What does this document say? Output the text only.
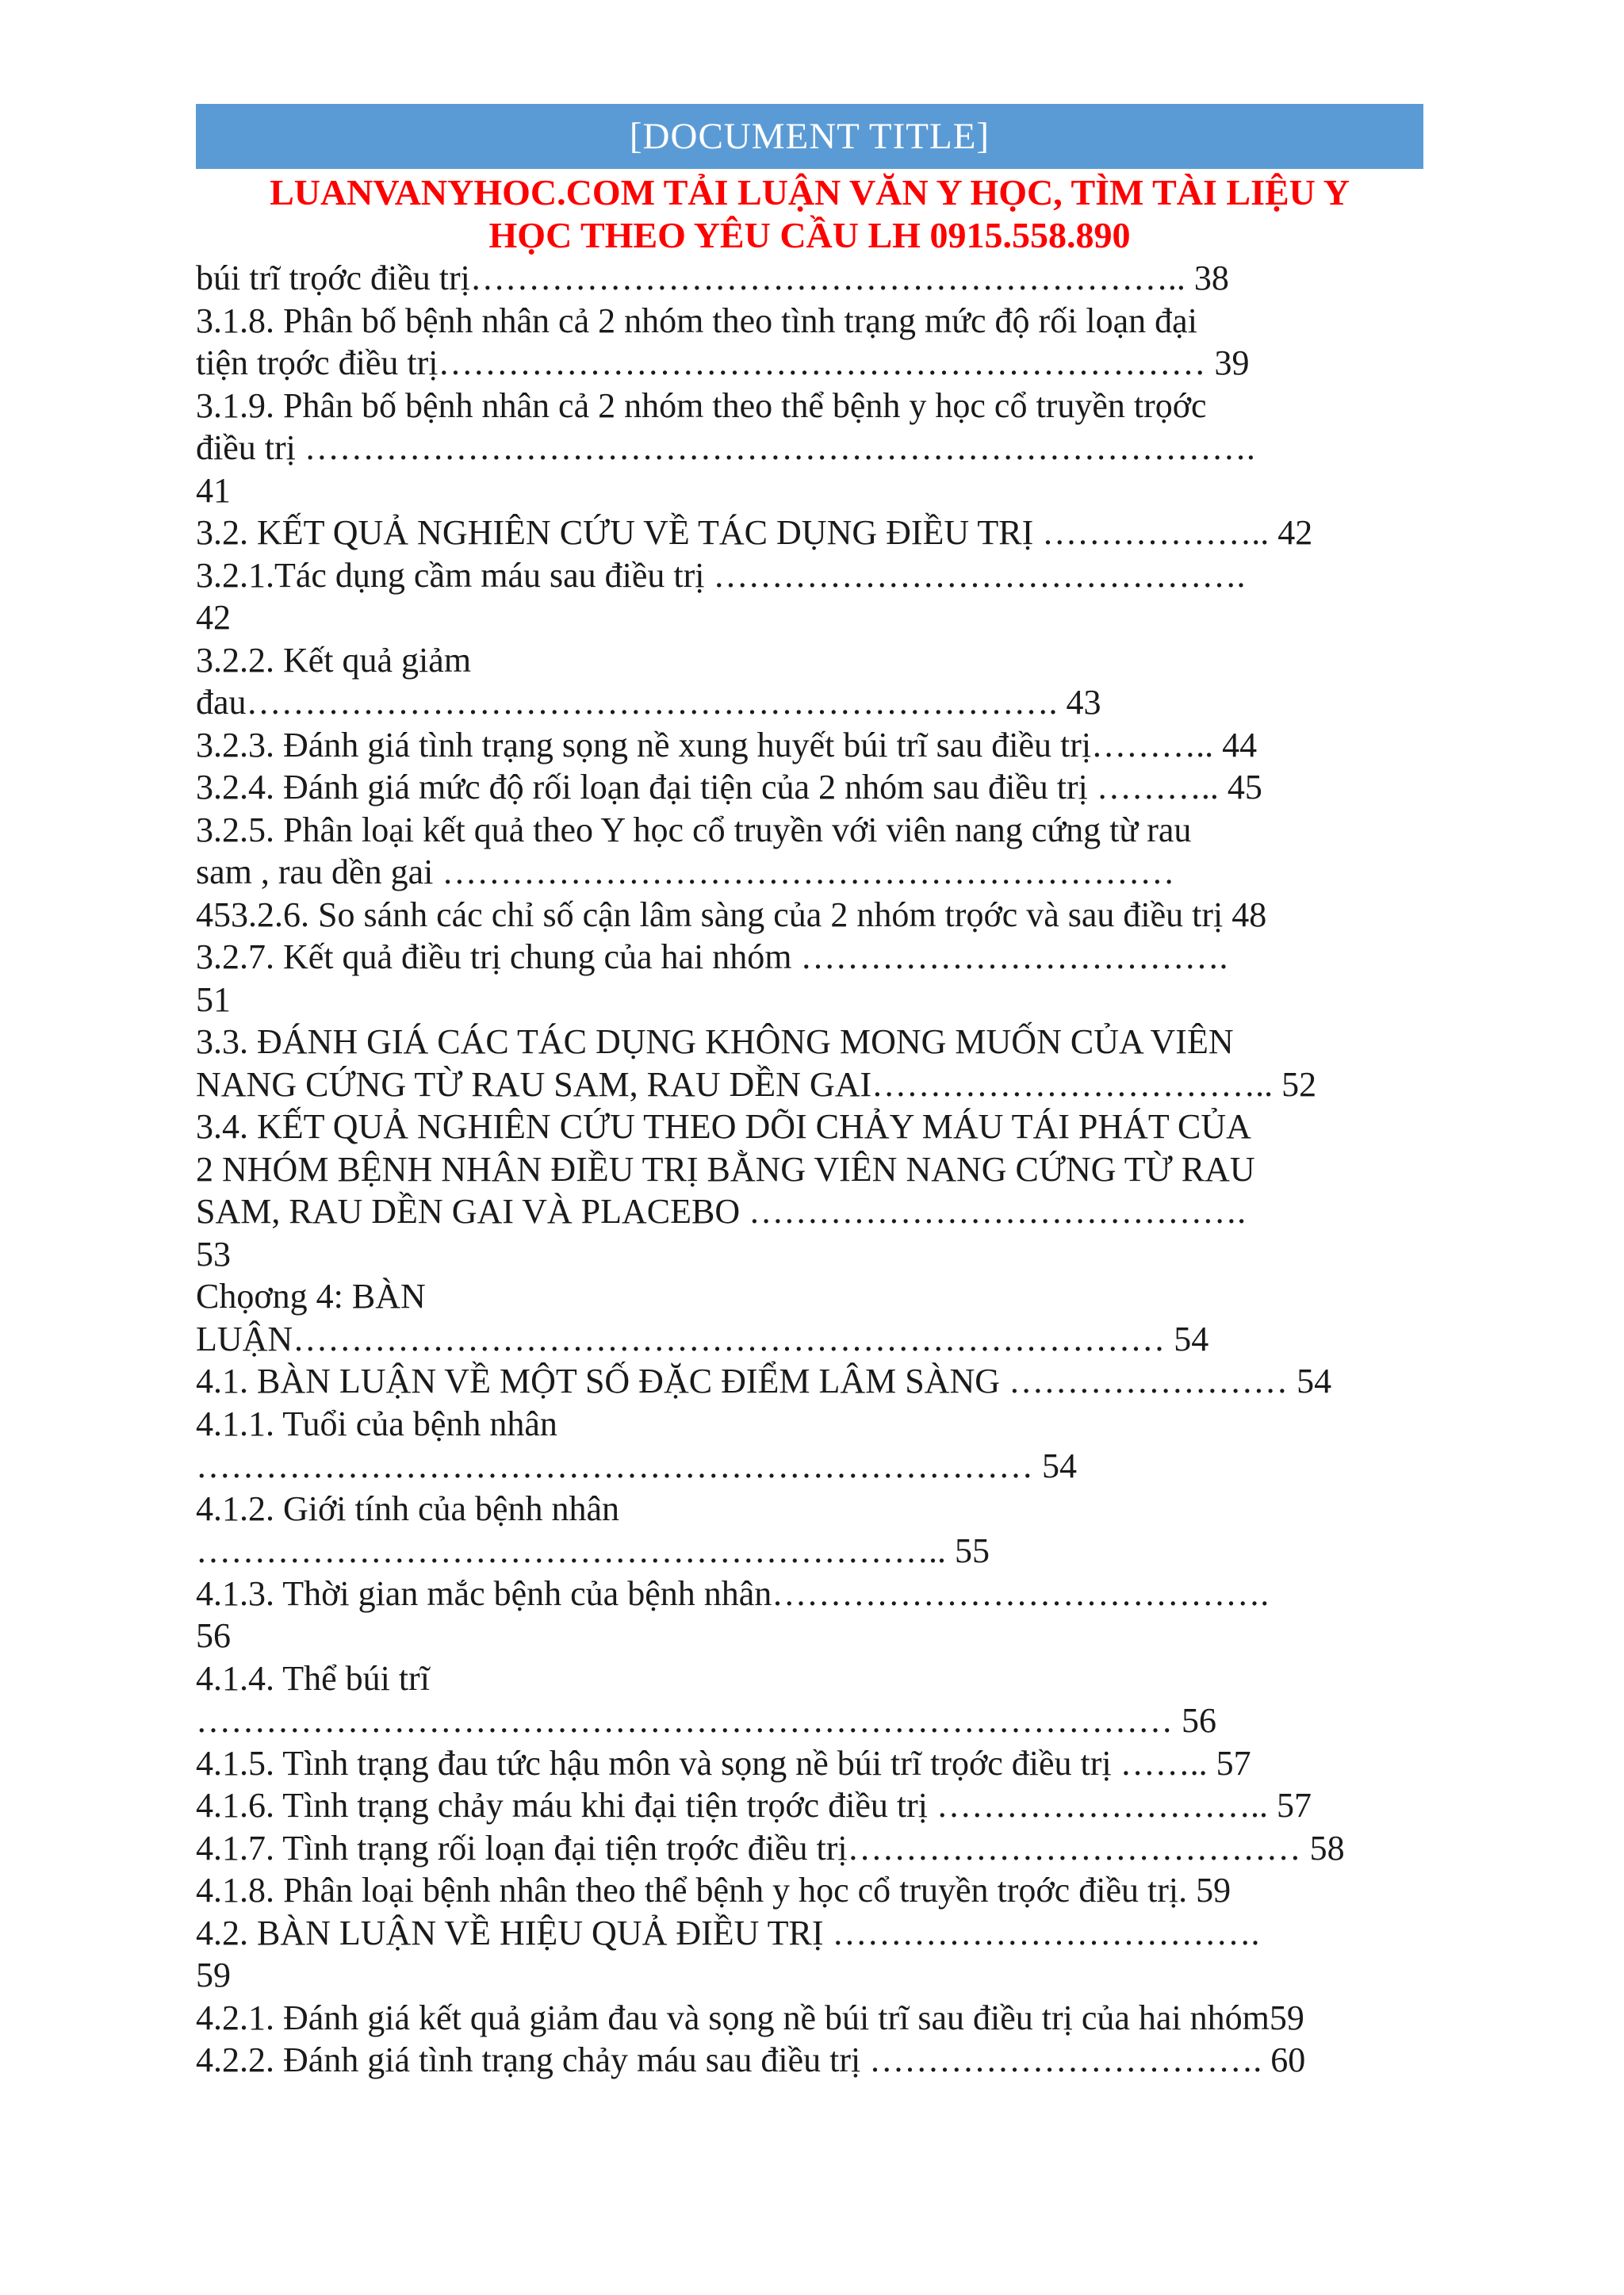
[DOCUMENT TITLE]
LUANVANYHOC.COM TẢI LUẬN VĂN Y HỌC, TÌM TÀI LIỆU Y
HỌC THEO YÊU CẦU LH 0915.558.890
búi trĩ trọớc điều trị…………………………………………………….. 38
3.1.8. Phân bố bệnh nhân cả 2 nhóm theo tình trạng mức độ rối loạn đại
tiện trọớc điều trị………………………………………………………… 39
3.1.9. Phân bố bệnh nhân cả 2 nhóm theo thể bệnh y học cổ truyền trọớc
điều trị ……………………………………………………………………….
41
3.2. KẾT QUẢ NGHIÊN CỨU VỀ TÁC DỤNG ĐIỀU TRỊ ……………….. 42
3.2.1.Tác dụng cầm máu sau điều trị ……………………………………….
42
3.2.2. Kết quả giảm
đau……………………………………………………………. 43
3.2.3. Đánh giá tình trạng sọng nề xung huyết búi trĩ sau điều trị……….. 44
3.2.4. Đánh giá mức độ rối loạn đại tiện của 2 nhóm sau điều trị ……….. 45
3.2.5. Phân loại kết quả theo Y học cổ truyền với viên nang cứng từ rau
sam , rau dền gai ………………………………………………………
453.2.6. So sánh các chỉ số cận lâm sàng của 2 nhóm trọớc và sau điều trị 48
3.2.7. Kết quả điều trị chung của hai nhóm ……………………………….
51
3.3. ĐÁNH GIÁ CÁC TÁC DỤNG KHÔNG MONG MUỐN CỦA VIÊN
NANG CỨNG TỪ RAU SAM, RAU DỀN GAI…………………………….. 52
3.4. KẾT QUẢ NGHIÊN CỨU THEO DÕI CHẢY MÁU TÁI PHÁT CỦA
2 NHÓM BỆNH NHÂN ĐIỀU TRỊ BẰNG VIÊN NANG CỨNG TỪ RAU
SAM, RAU DỀN GAI VÀ PLACEBO …………………………………….
53
Chọơng 4: BÀN
LUẬN………………………………………………………………… 54
4.1. BÀN LUẬN VỀ MỘT SỐ ĐẶC ĐIỂM LÂM SÀNG …………………… 54
4.1.1. Tuổi của bệnh nhân
……………………………………………………………… 54
4.1.2. Giới tính của bệnh nhân
……………………………………………………….. 55
4.1.3. Thời gian mắc bệnh của bệnh nhân…………………………………….
56
4.1.4. Thể búi trĩ
………………………………………………………………………… 56
4.1.5. Tình trạng đau tức hậu môn và sọng nề búi trĩ trọớc điều trị …….. 57
4.1.6. Tình trạng chảy máu khi đại tiện trọớc điều trị ……………………….. 57
4.1.7. Tình trạng rối loạn đại tiện trọớc điều trị………………………………… 58
4.1.8. Phân loại bệnh nhân theo thể bệnh y học cổ truyền trọớc điều trị. 59
4.2. BÀN LUẬN VỀ HIỆU QUẢ ĐIỀU TRỊ ……………………………….
59
4.2.1. Đánh giá kết quả giảm đau và sọng nề búi trĩ sau điều trị của hai nhóm59
4.2.2. Đánh giá tình trạng chảy máu sau điều trị ……………………………. 60
